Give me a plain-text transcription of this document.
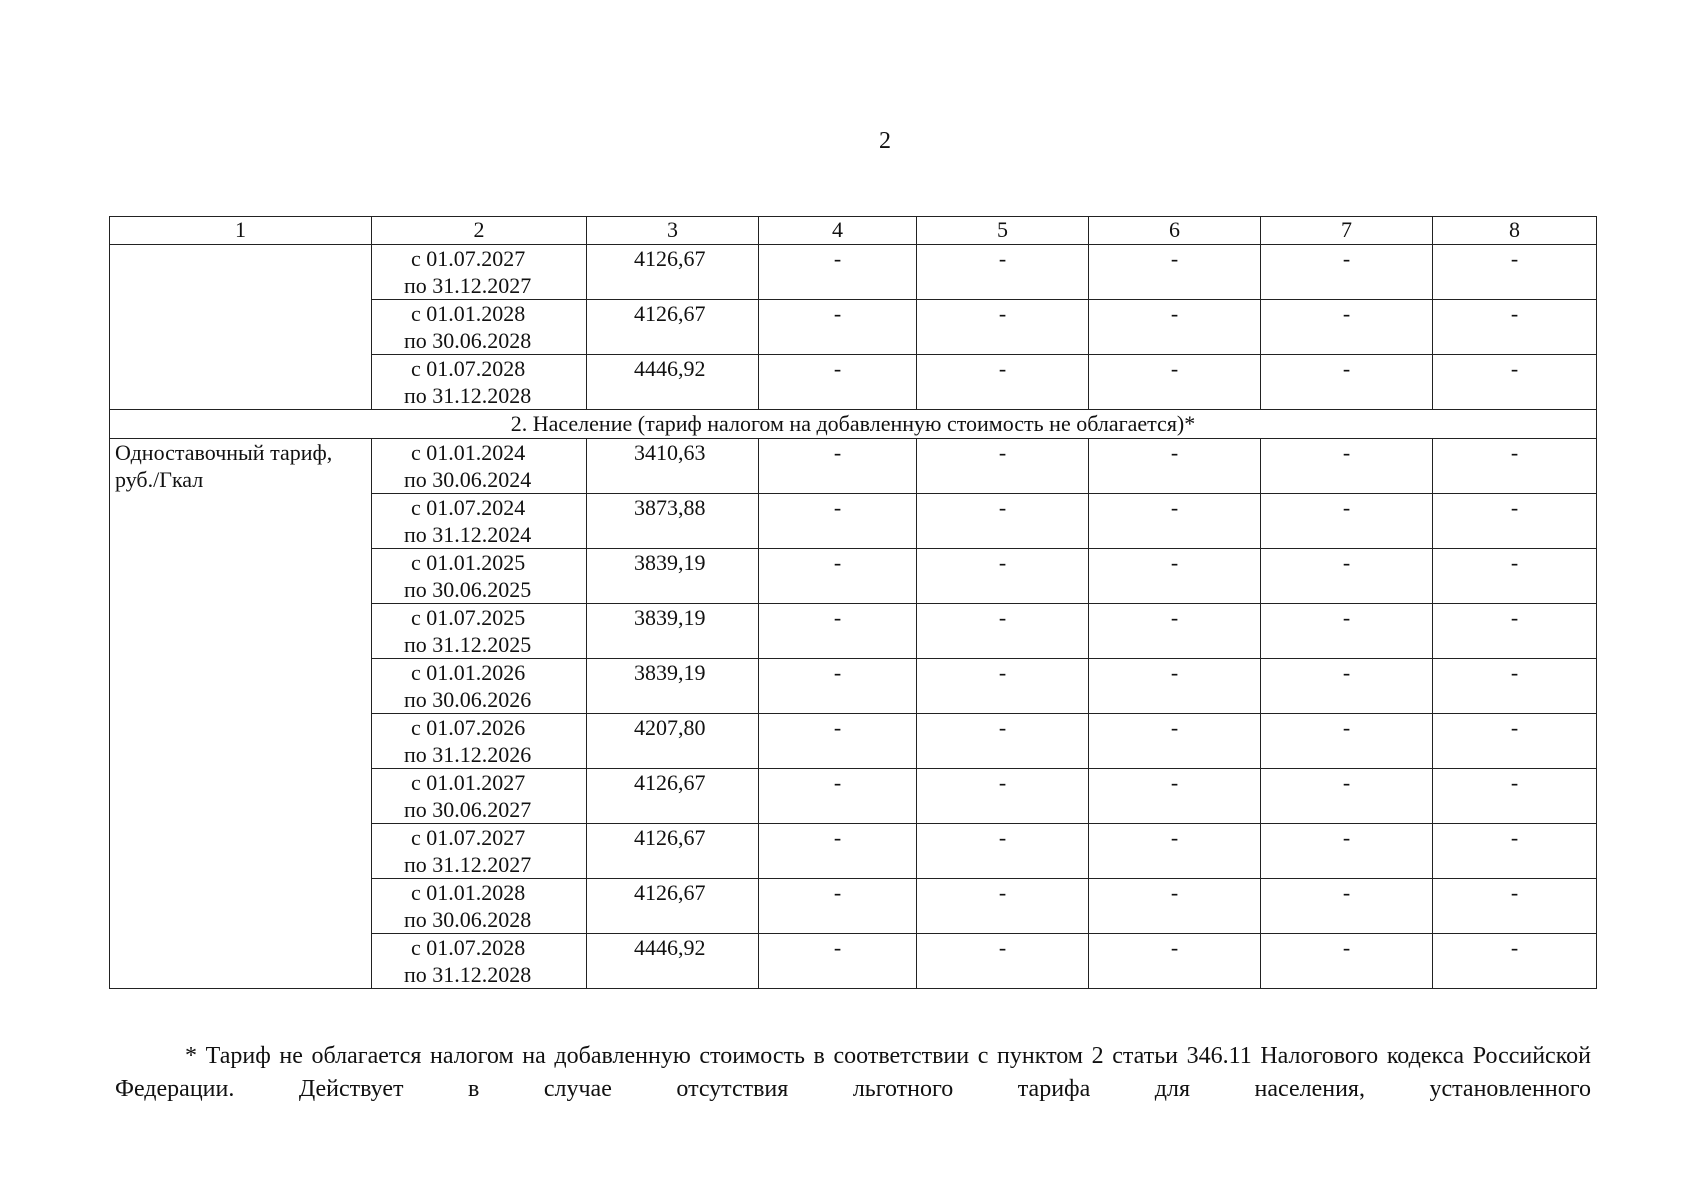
2
1	2	3	4	5	6	7	8

	с 01.07.2027
по 31.12.2027	4126,67	-	-	-	-	-

	с 01.01.2028
по 30.06.2028	4126,67	-	-	-	-	-

	с 01.07.2028
по 31.12.2028	4446,92	-	-	-	-	-
2. Население (тариф налогом на добавленную стоимость не облагается)*							

Одноставочный тариф,
руб./Гкал	с 01.01.2024
по 30.06.2024	3410,63	-	-	-	-	-

	с 01.07.2024
по 31.12.2024	3873,88	-	-	-	-	-

	с 01.01.2025
по 30.06.2025	3839,19	-	-	-	-	-

	с 01.07.2025
по 31.12.2025	3839,19	-	-	-	-	-

	с 01.01.2026
по 30.06.2026	3839,19	-	-	-	-	-

	с 01.07.2026
по 31.12.2026	4207,80	-	-	-	-	-

	с 01.01.2027
по 30.06.2027	4126,67	-	-	-	-	-

	с 01.07.2027
по 31.12.2027	4126,67	-	-	-	-	-

	с 01.01.2028
по 30.06.2028	4126,67	-	-	-	-	-

	с 01.07.2028
по 31.12.2028	4446,92	-	-	-	-	-
* Тариф не облагается налогом на добавленную стоимость в соответствии с пунктом 2 статьи 346.11 Налогового кодекса Российской Федерации. Действует в случае отсутствия льготного тарифа для населения, установленного
